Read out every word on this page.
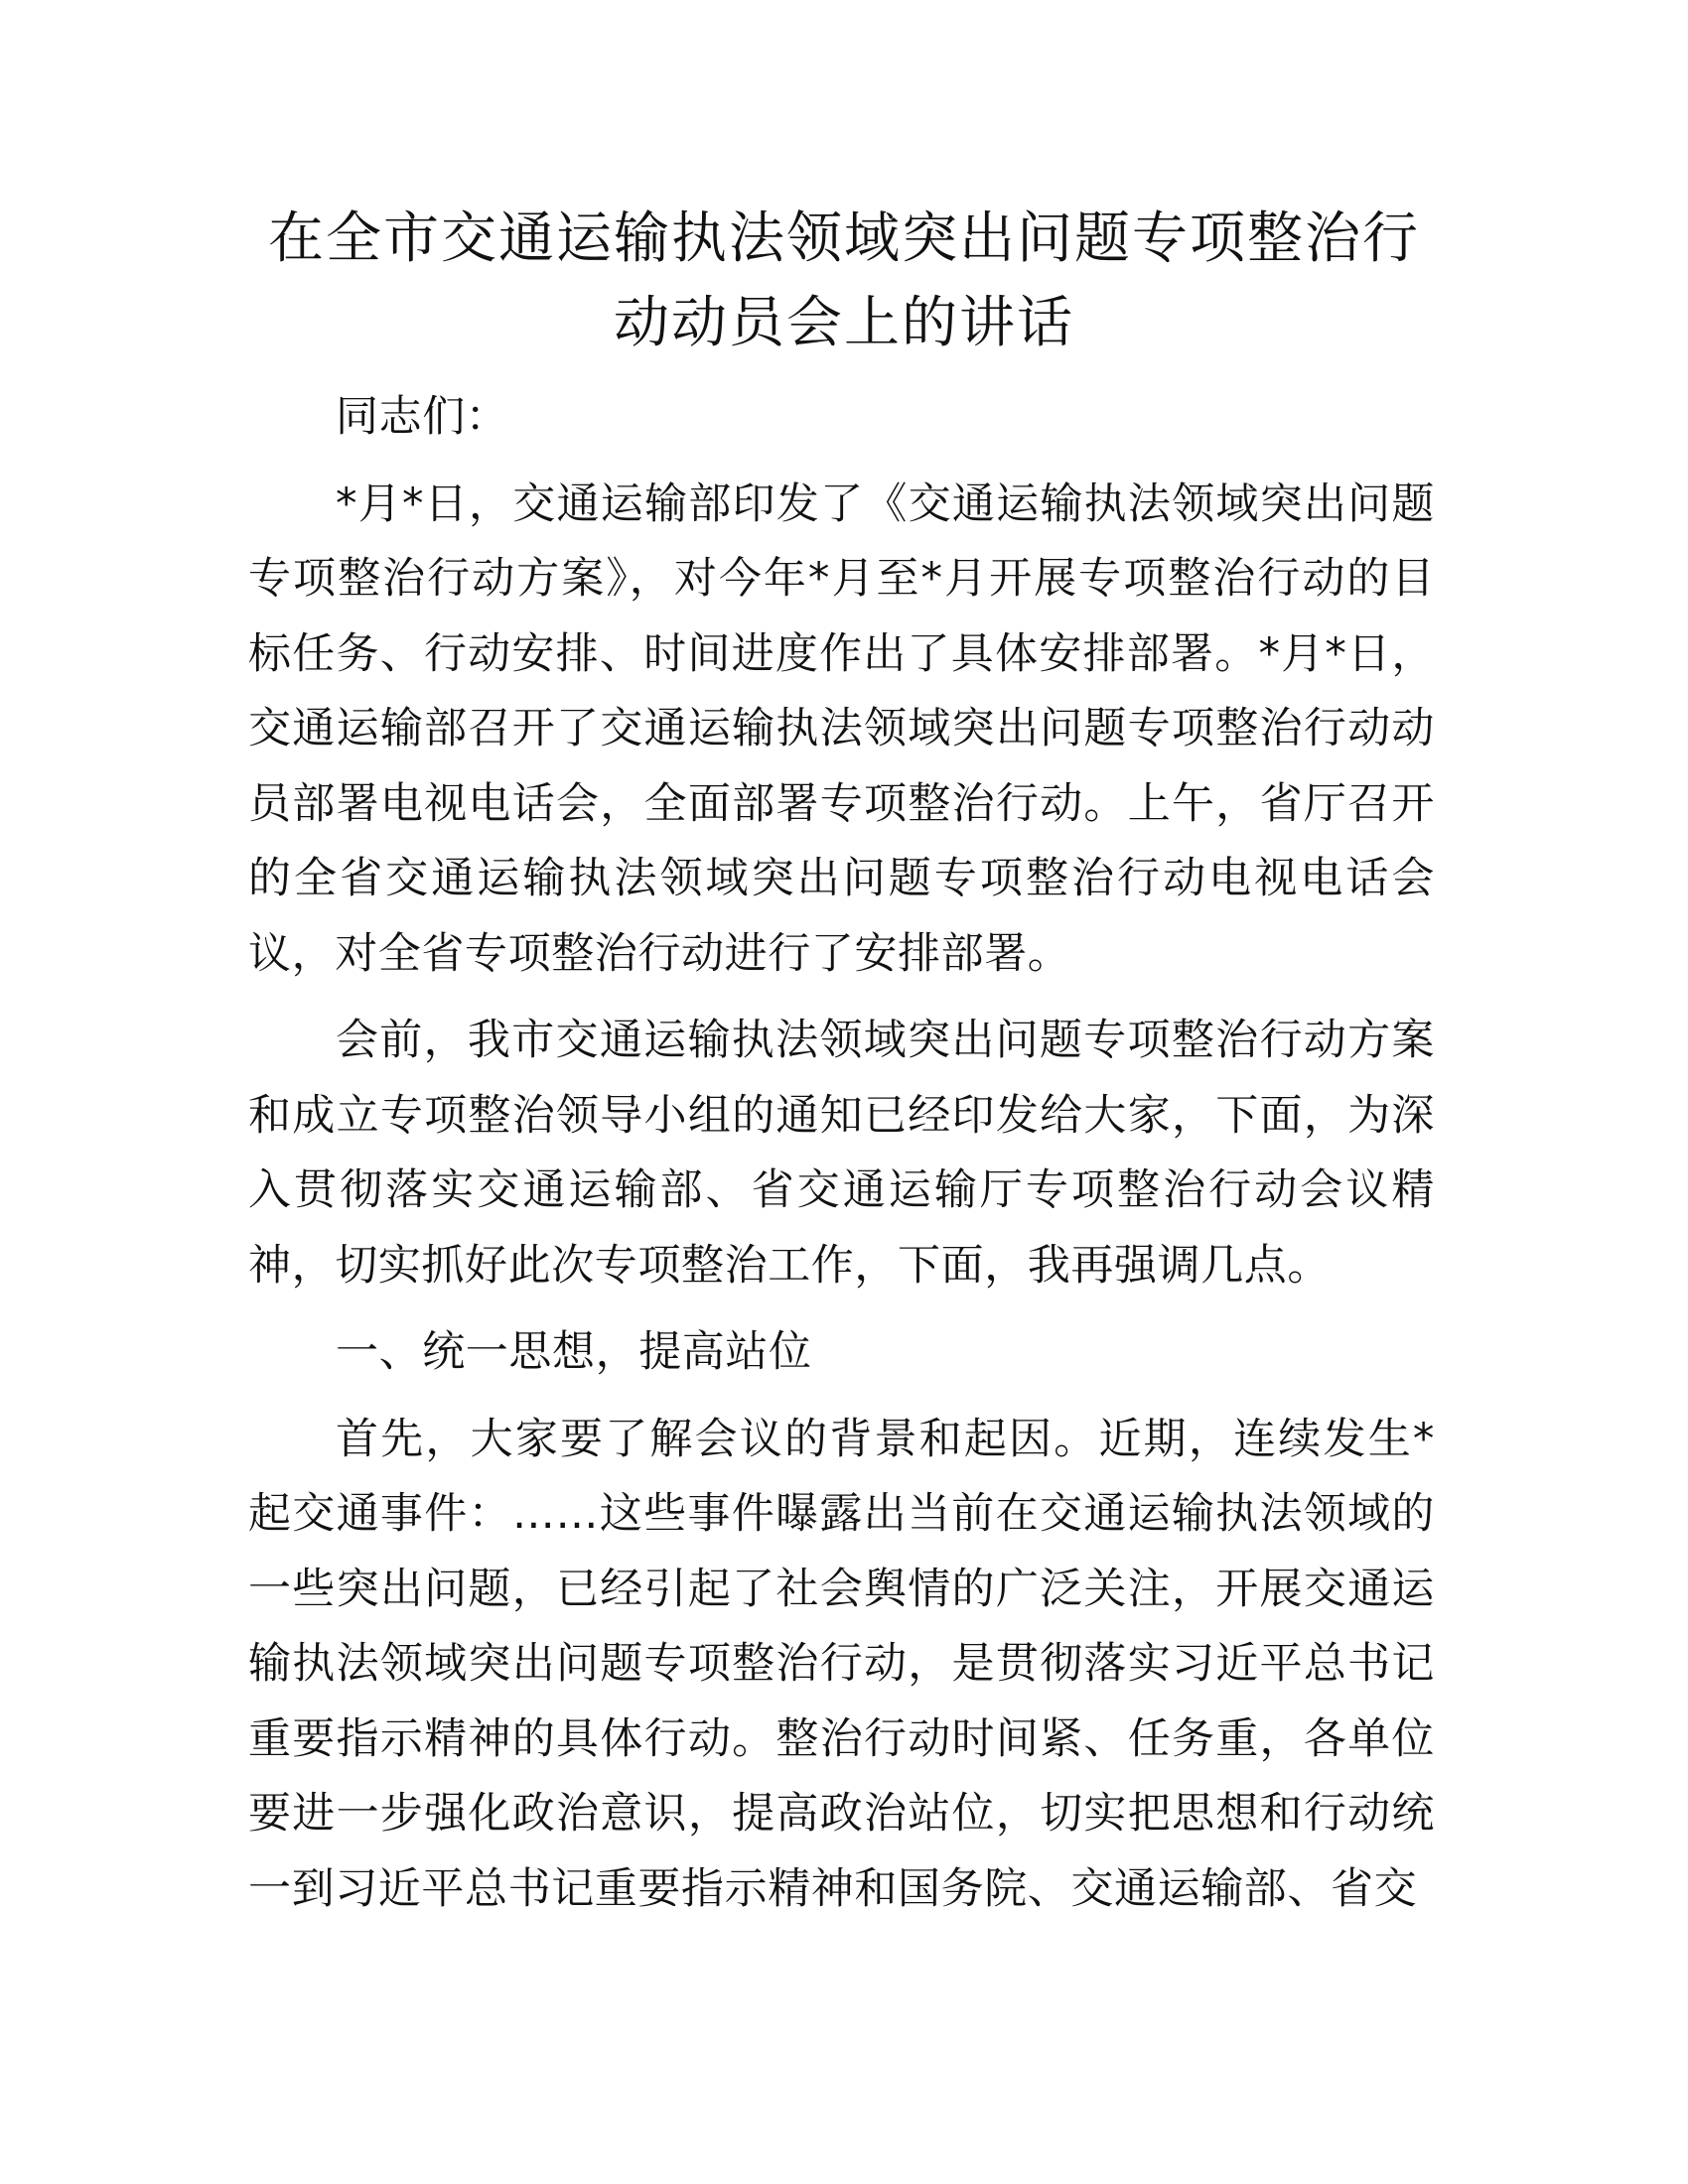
在全市交通运输执法领域突出问题专项整治行
动动员会上的讲话

同志们：

*月*日，交通运输部印发了《交通运输执法领域突出问题专项整治行动方案》，对今年*月至*月开展专项整治行动的目标任务、行动安排、时间进度作出了具体安排部署。*月*日，交通运输部召开了交通运输执法领域突出问题专项整治行动动员部署电视电话会，全面部署专项整治行动。上午，省厅召开的全省交通运输执法领域突出问题专项整治行动电视电话会议，对全省专项整治行动进行了安排部署。

会前，我市交通运输执法领域突出问题专项整治行动方案和成立专项整治领导小组的通知已经印发给大家，下面，为深入贯彻落实交通运输部、省交通运输厅专项整治行动会议精神，切实抓好此次专项整治工作，下面，我再强调几点。

一、统一思想，提高站位

首先，大家要了解会议的背景和起因。近期，连续发生*起交通事件：……这些事件曝露出当前在交通运输执法领域的一些突出问题，已经引起了社会舆情的广泛关注，开展交通运输执法领域突出问题专项整治行动，是贯彻落实习近平总书记重要指示精神的具体行动。整治行动时间紧、任务重，各单位要进一步强化政治意识，提高政治站位，切实把思想和行动统一到习近平总书记重要指示精神和国务院、交通运输部、省交
